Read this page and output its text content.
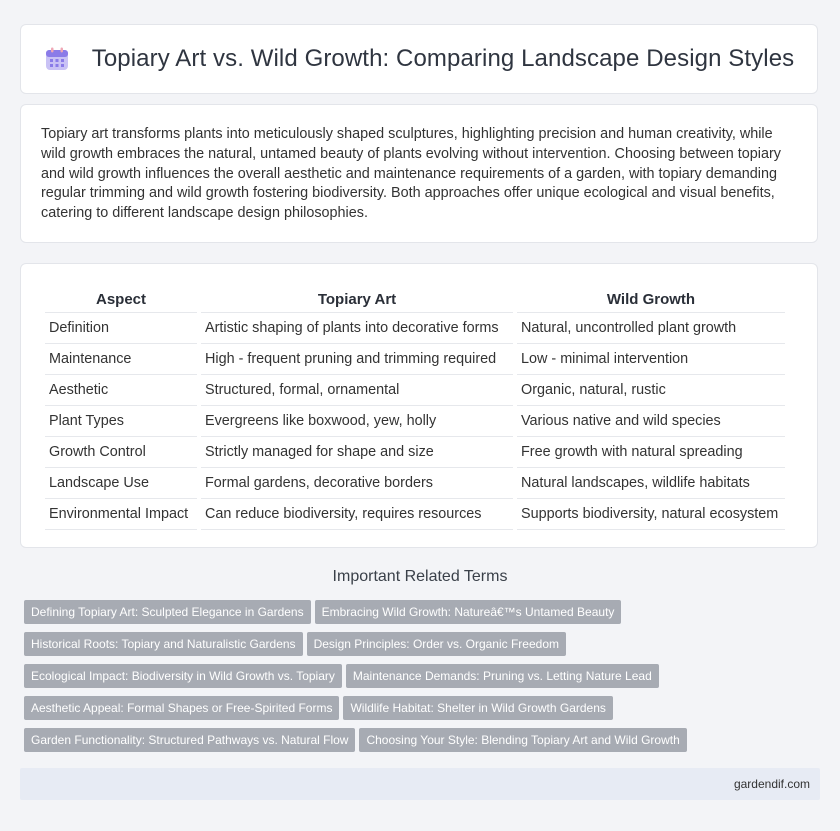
Topiary Art vs. Wild Growth: Comparing Landscape Design Styles

Topiary art transforms plants into meticulously shaped sculptures, highlighting precision and human creativity, while wild growth embraces the natural, untamed beauty of plants evolving without intervention. Choosing between topiary and wild growth influences the overall aesthetic and maintenance requirements of a garden, with topiary demanding regular trimming and wild growth fostering biodiversity. Both approaches offer unique ecological and visual benefits, catering to different landscape design philosophies.

Aspect	Topiary Art	Wild Growth
Definition	Artistic shaping of plants into decorative forms	Natural, uncontrolled plant growth
Maintenance	High - frequent pruning and trimming required	Low - minimal intervention
Aesthetic	Structured, formal, ornamental	Organic, natural, rustic
Plant Types	Evergreens like boxwood, yew, holly	Various native and wild species
Growth Control	Strictly managed for shape and size	Free growth with natural spreading
Landscape Use	Formal gardens, decorative borders	Natural landscapes, wildlife habitats
Environmental Impact	Can reduce biodiversity, requires resources	Supports biodiversity, natural ecosystem
Important Related Terms
Defining Topiary Art: Sculpted Elegance in Gardens Embracing Wild Growth: Natureâ€™s Untamed Beauty
Historical Roots: Topiary and Naturalistic Gardens Design Principles: Order vs. Organic Freedom
Ecological Impact: Biodiversity in Wild Growth vs. Topiary Maintenance Demands: Pruning vs. Letting Nature Lead
Aesthetic Appeal: Formal Shapes or Free-Spirited Forms Wildlife Habitat: Shelter in Wild Growth Gardens
Garden Functionality: Structured Pathways vs. Natural Flow Choosing Your Style: Blending Topiary Art and Wild Growth
gardendif.com
